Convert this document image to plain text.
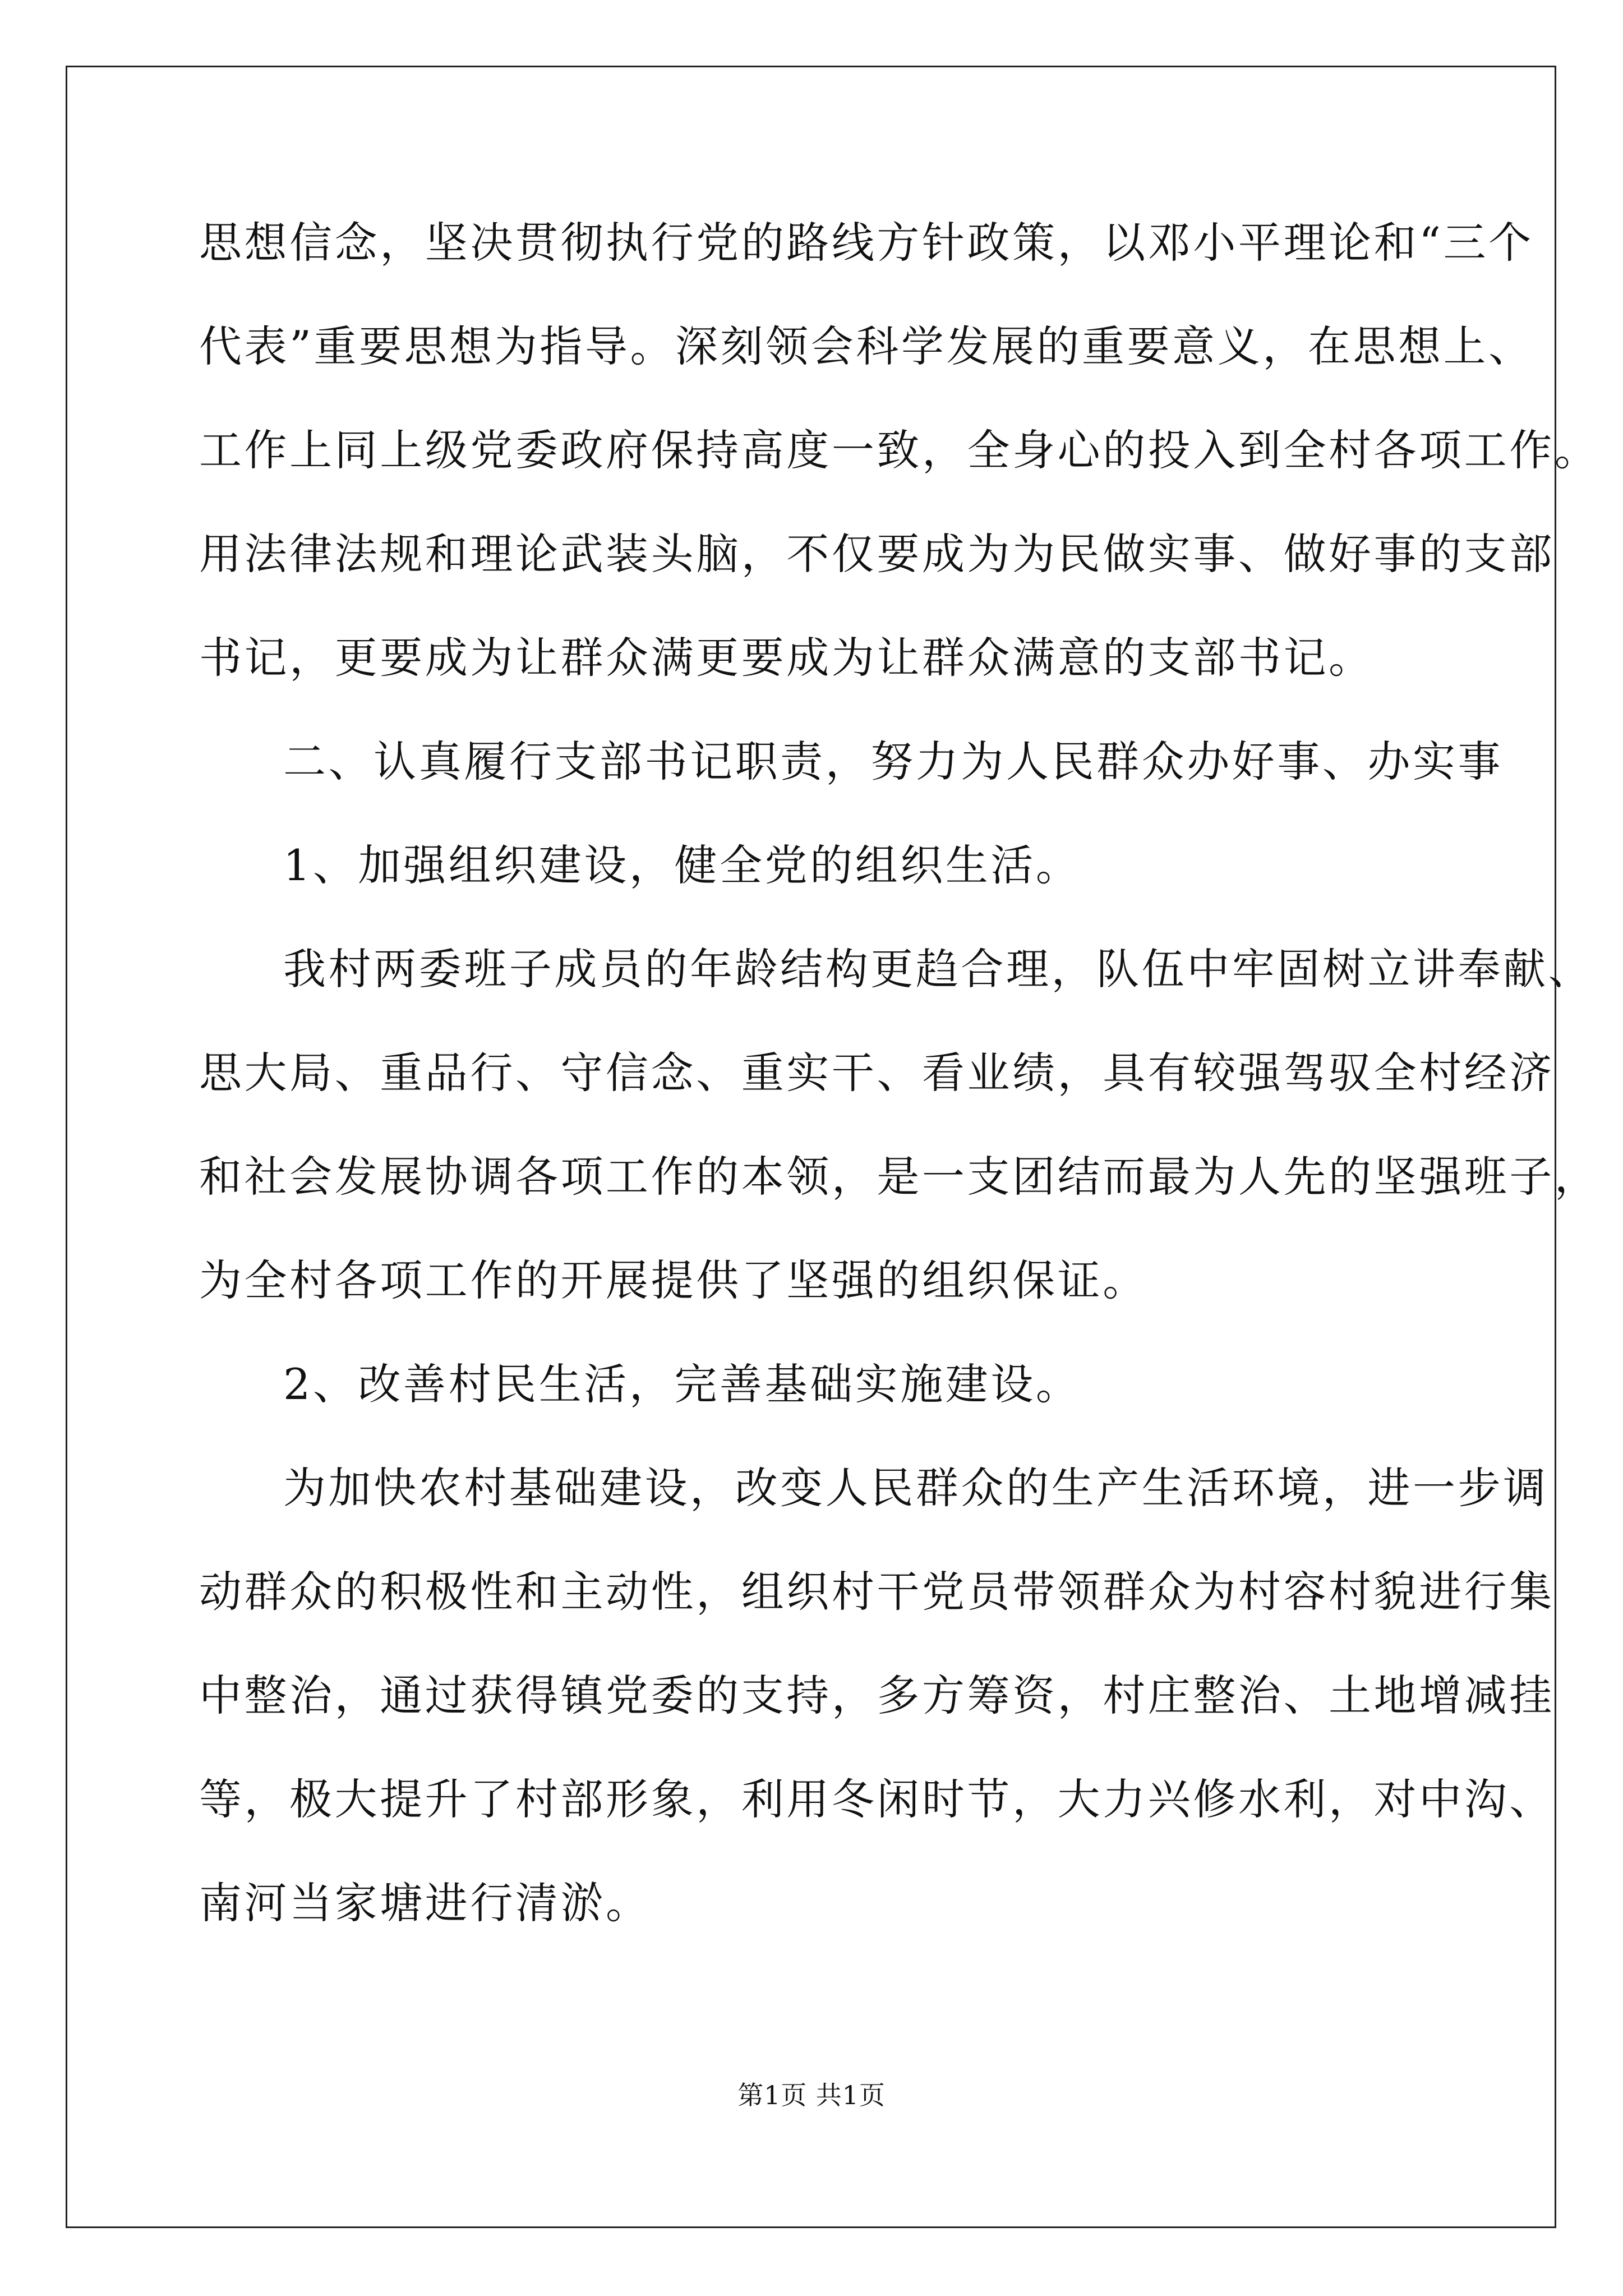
思想信念，坚决贯彻执行党的路线方针政策，以邓小平理论和“三个
代表”重要思想为指导。深刻领会科学发展的重要意义，在思想上、
工作上同上级党委政府保持高度一致，全身心的投入到全村各项工作。
用法律法规和理论武装头脑，不仅要成为为民做实事、做好事的支部
书记，更要成为让群众满更要成为让群众满意的支部书记。
二、认真履行支部书记职责，努力为人民群众办好事、办实事
1、加强组织建设，健全党的组织生活。
我村两委班子成员的年龄结构更趋合理，队伍中牢固树立讲奉献、
思大局、重品行、守信念、重实干、看业绩，具有较强驾驭全村经济
和社会发展协调各项工作的本领，是一支团结而最为人先的坚强班子，
为全村各项工作的开展提供了坚强的组织保证。
2、改善村民生活，完善基础实施建设。
为加快农村基础建设，改变人民群众的生产生活环境，进一步调
动群众的积极性和主动性，组织村干党员带领群众为村容村貌进行集
中整治，通过获得镇党委的支持，多方筹资，村庄整治、土地增减挂
等，极大提升了村部形象，利用冬闲时节，大力兴修水利，对中沟、
南河当家塘进行清淤。
第1页 共1页
